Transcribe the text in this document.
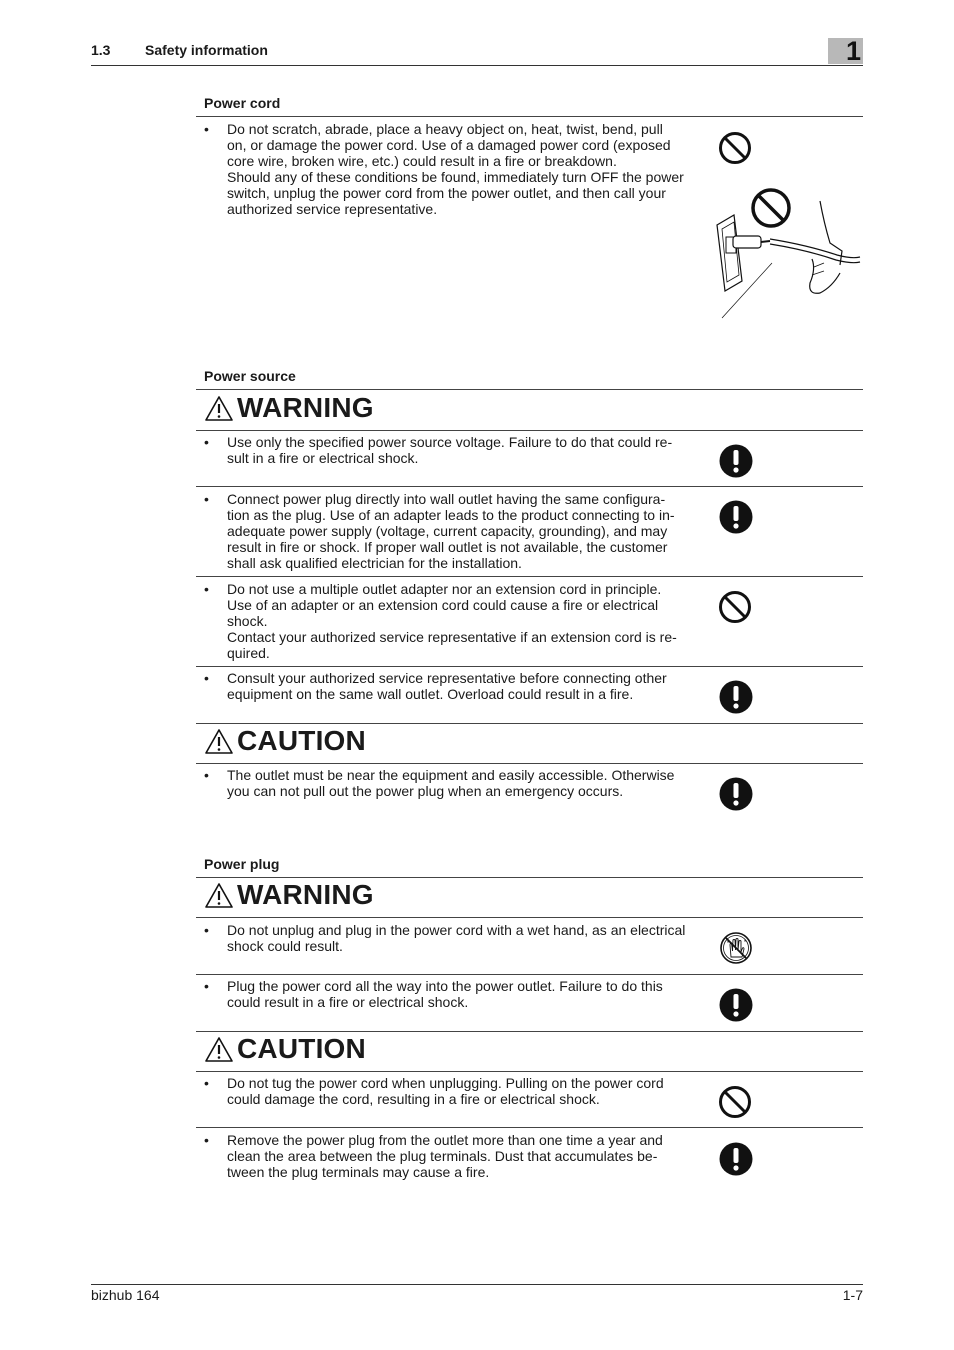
1.3 Safety information	1
Power cord
• Do not scratch, abrade, place a heavy object on, heat, twist, bend, pull
on, or damage the power cord. Use of a damaged power cord (exposed
core wire, broken wire, etc.) could result in a fire or breakdown.
Should any of these conditions be found, immediately turn OFF the power
switch, unplug the power cord from the power outlet, and then call your
authorized service representative.
Power source
WARNING
• Use only the specified power source voltage. Failure to do that could re-
sult in a fire or electrical shock.
• Connect power plug directly into wall outlet having the same configura-
tion as the plug. Use of an adapter leads to the product connecting to in-
adequate power supply (voltage, current capacity, grounding), and may
result in fire or shock. If proper wall outlet is not available, the customer
shall ask qualified electrician for the installation.
• Do not use a multiple outlet adapter nor an extension cord in principle.
Use of an adapter or an extension cord could cause a fire or electrical
shock.
Contact your authorized service representative if an extension cord is re-
quired.
• Consult your authorized service representative before connecting other
equipment on the same wall outlet. Overload could result in a fire.
CAUTION
• The outlet must be near the equipment and easily accessible. Otherwise
you can not pull out the power plug when an emergency occurs.
Power plug
WARNING
• Do not unplug and plug in the power cord with a wet hand, as an electrical
shock could result.
• Plug the power cord all the way into the power outlet. Failure to do this
could result in a fire or electrical shock.
CAUTION
• Do not tug the power cord when unplugging. Pulling on the power cord
could damage the cord, resulting in a fire or electrical shock.
• Remove the power plug from the outlet more than one time a year and
clean the area between the plug terminals. Dust that accumulates be-
tween the plug terminals may cause a fire.
bizhub 164	1-7
